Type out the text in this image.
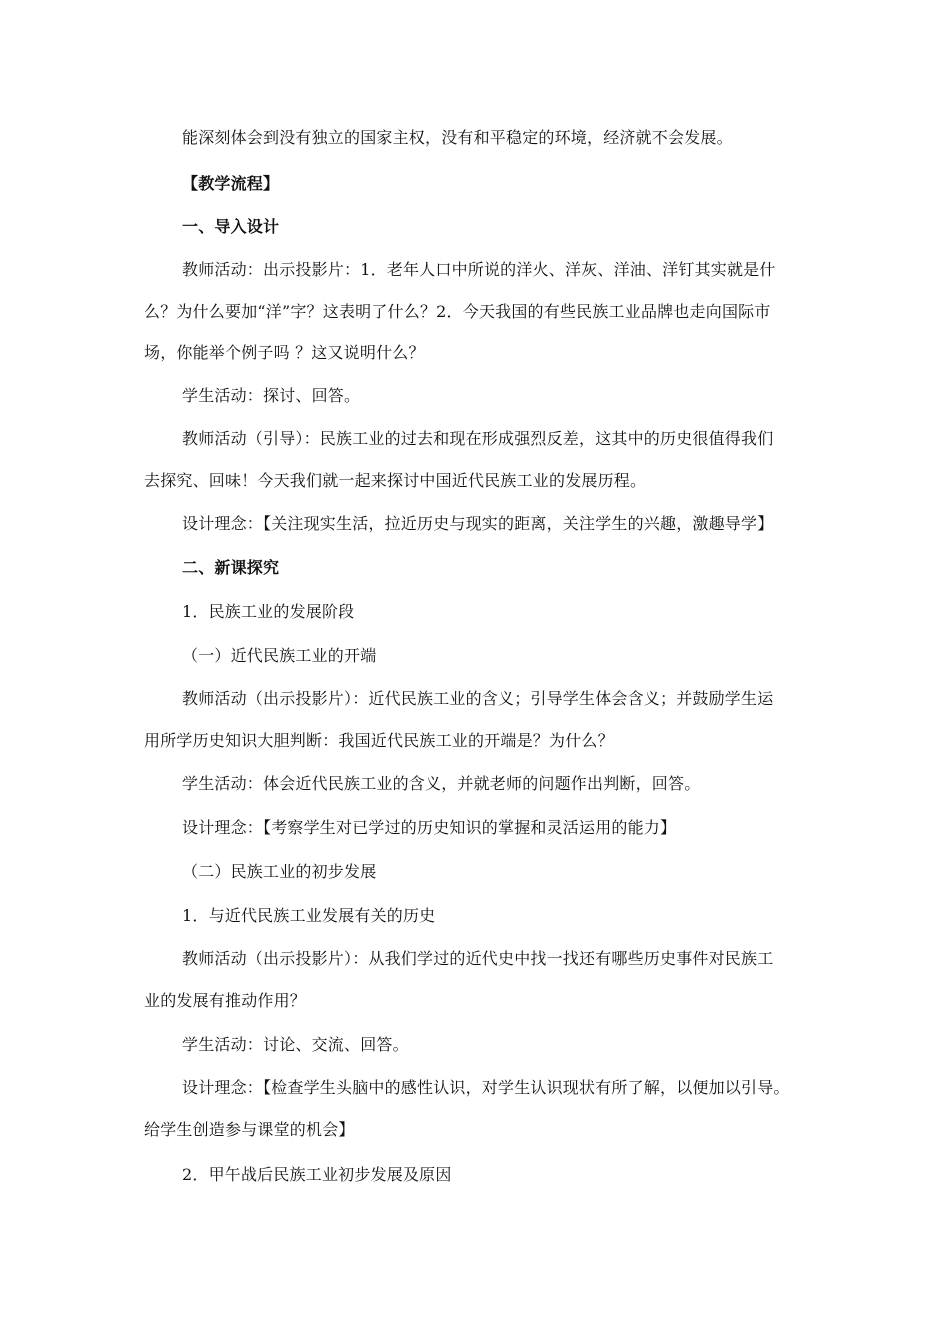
能深刻体会到没有独立的国家主权，没有和平稳定的环境，经济就不会发展。
【教学流程】
一、导入设计
教师活动：出示投影片：1．老年人口中所说的洋火、洋灰、洋油、洋钉其实就是什
么？为什么要加“洋”字？这表明了什么？2．今天我国的有些民族工业品牌也走向国际市
场，你能举个例子吗 ？这又说明什么？
学生活动：探讨、回答。
教师活动（引导）：民族工业的过去和现在形成强烈反差，这其中的历史很值得我们
去探究、回味！今天我们就一起来探讨中国近代民族工业的发展历程。
设计理念：【关注现实生活，拉近历史与现实的距离，关注学生的兴趣，激趣导学】
二、新课探究
1．民族工业的发展阶段
（一）近代民族工业的开端
教师活动（出示投影片）：近代民族工业的含义；引导学生体会含义；并鼓励学生运
用所学历史知识大胆判断：我国近代民族工业的开端是？为什么？
学生活动：体会近代民族工业的含义，并就老师的问题作出判断，回答。
设计理念：【考察学生对已学过的历史知识的掌握和灵活运用的能力】
（二）民族工业的初步发展
1．与近代民族工业发展有关的历史
教师活动（出示投影片）：从我们学过的近代史中找一找还有哪些历史事件对民族工
业的发展有推动作用？
学生活动：讨论、交流、回答。
设计理念：【检查学生头脑中的感性认识，对学生认识现状有所了解，以便加以引导。
给学生创造参与课堂的机会】
2．甲午战后民族工业初步发展及原因
